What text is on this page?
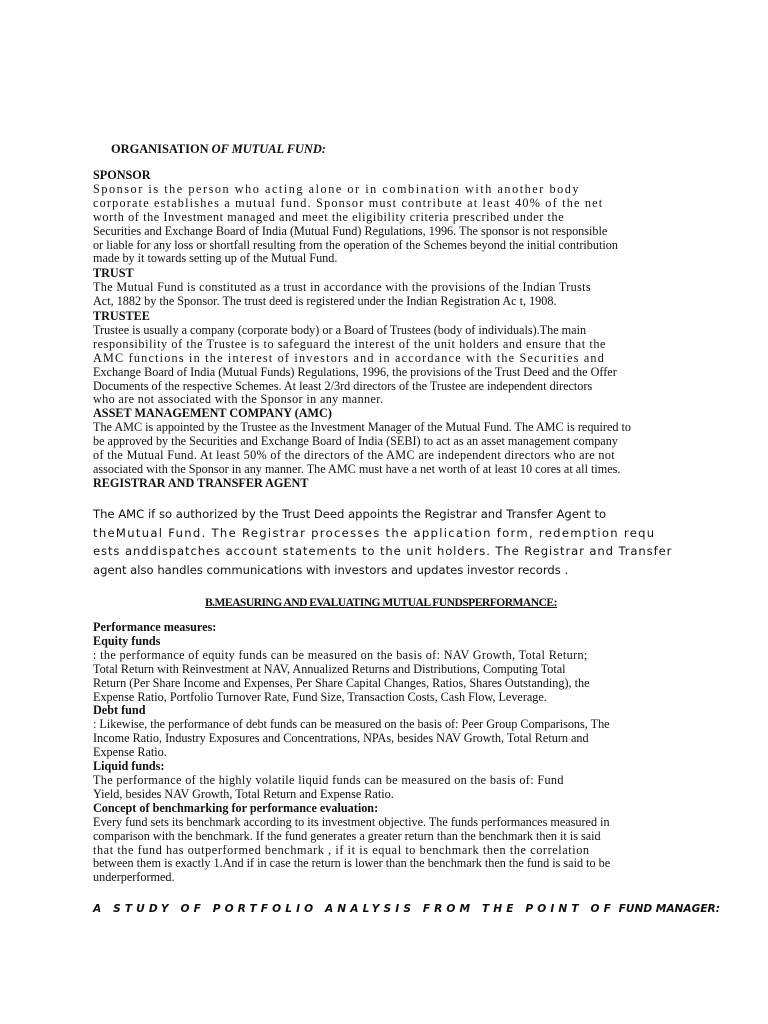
ORGANISATION OF MUTUAL FUND:

SPONSOR

Sponsor is the person who acting alone or in combination with another body

corporate establishes a mutual fund. Sponsor must contribute at least 40% of the net

worth of the Investment managed and meet the eligibility criteria prescribed under the

Securities and Exchange Board of India (Mutual Fund) Regulations, 1996. The sponsor is not responsible

or liable for any loss or shortfall resulting from the operation of the Schemes beyond the initial contribution

made by it towards setting up of the Mutual Fund.

TRUST

The Mutual Fund is constituted as a trust in accordance with the provisions of the Indian Trusts

Act, 1882 by the Sponsor. The trust deed is registered under the Indian Registration Ac t, 1908.

TRUSTEE

Trustee is usually a company (corporate body) or a Board of Trustees (body of individuals).The main

responsibility of the Trustee is to safeguard the interest of the unit holders and ensure that the

AMC functions in the interest of investors and in accordance with the Securities and

Exchange Board of India (Mutual Funds) Regulations, 1996, the provisions of the Trust Deed and the Offer

Documents of the respective Schemes. At least 2/3rd directors of the Trustee are independent directors

who are not associated with the Sponsor in any manner.

ASSET MANAGEMENT COMPANY (AMC)

The AMC is appointed by the Trustee as the Investment Manager of the Mutual Fund. The AMC is required to

be approved by the Securities and Exchange Board of India (SEBI) to act as an asset management company

of the Mutual Fund. At least 50% of the directors of the AMC are independent directors who are not

associated with the Sponsor in any manner. The AMC must have a net worth of at least 10 cores at all times.

REGISTRAR AND TRANSFER AGENT

The AMC if so authorized by the Trust Deed appoints the Registrar and Transfer Agent to

theMutual Fund. The Registrar processes the application form, redemption requ

ests anddispatches account statements to the unit holders. The Registrar and Transfer

agent also handles communications with investors and updates investor records .

B.MEASURING AND EVALUATING MUTUAL FUNDSPERFORMANCE:

Performance measures:

Equity funds

: the performance of equity funds can be measured on the basis of: NAV Growth, Total Return;

Total Return with Reinvestment at NAV, Annualized Returns and Distributions, Computing Total

Return (Per Share Income and Expenses, Per Share Capital Changes, Ratios, Shares Outstanding), the

Expense Ratio, Portfolio Turnover Rate, Fund Size, Transaction Costs, Cash Flow, Leverage.

Debt fund

: Likewise, the performance of debt funds can be measured on the basis of: Peer Group Comparisons, The

Income Ratio, Industry Exposures and Concentrations, NPAs, besides NAV Growth, Total Return and

Expense Ratio.

Liquid funds:

The performance of the highly volatile liquid funds can be measured on the basis of: Fund

Yield, besides NAV Growth, Total Return and Expense Ratio.

Concept of benchmarking for performance evaluation:

Every fund sets its benchmark according to its investment objective. The funds performances measured in

comparison with the benchmark. If the fund generates a greater return than the benchmark then it is said

that the fund has outperformed benchmark , if it is equal to benchmark then the correlation

between them is exactly 1.And if in case the return is lower than the benchmark then the fund is said to be

underperformed.

A STUDY OF PORTFOLIO ANALYSIS FROM THE POINT OF FUND MANAGER:
